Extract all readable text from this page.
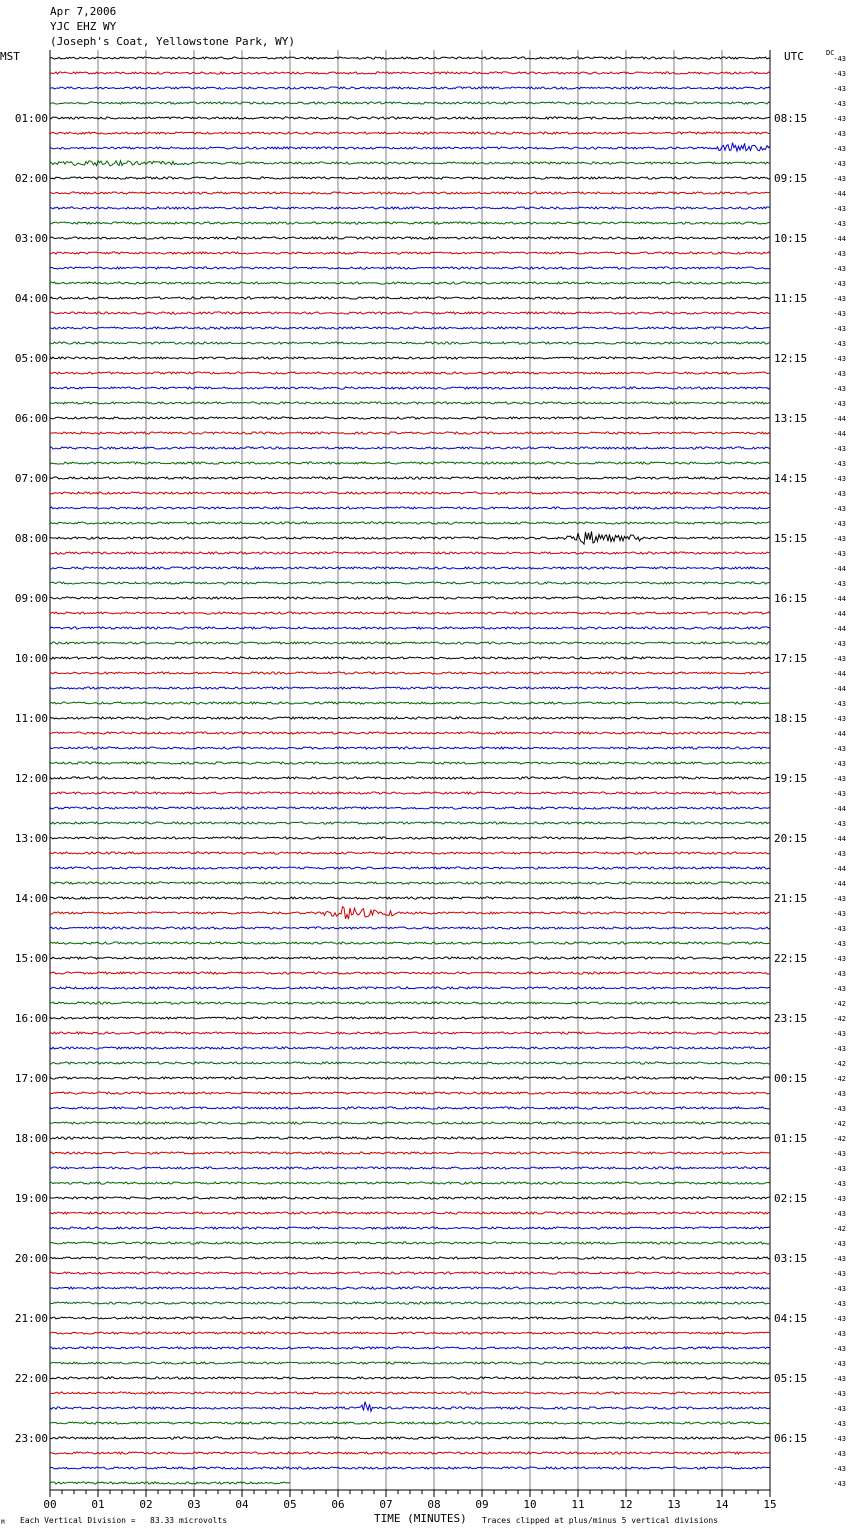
Apr 7,2006
YJC EHZ WY
(Joseph's Coat, Yellowstone Park, WY)
MST	UTC	DC
00	01	02	03	04	05	06	07	08	09	10	11	12	13	14	15
-43
-43
-43
-43
-43
-43
-43
-43
-43
-44
-43
-43
-44
-43
-43
-43
-43
-43
-43
-43
-43
-43
-43
-43
-44
-44
-43
-43
-43
-43
-43
-43
-43
-43
-44
-43
-44
-44
-44
-43
-43
-44
-44
-43
-43
-44
-43
-43
-43
-43
-44
-43
-44
-43
-44
-44
-43
-43
-43
-43
-43
-43
-43
-42
-42
-43
-43
-42
-42
-43
-43
-42
-42
-43
-43
-43
-43
-43
-42
-43
-43
-43
-43
-43
-43
-43
-43
-43
-43
-43
-43
-43
-43
-43
-43
-43
01:00
02:00
03:00
04:00
05:00
06:00
07:00
08:00
09:00
10:00
11:00
12:00
13:00
14:00
15:00
16:00
17:00
18:00
19:00
20:00
21:00
22:00
23:00
08:15
09:15
10:15
11:15
12:15
13:15
14:15
15:15
16:15
17:15
18:15
19:15
20:15
21:15
22:15
23:15
00:15
01:15
02:15
03:15
04:15
05:15
06:15
TIME (MINUTES)
Each Vertical Division =   83.33 microvolts	Traces clipped at plus/minus 5 vertical divisions
M
